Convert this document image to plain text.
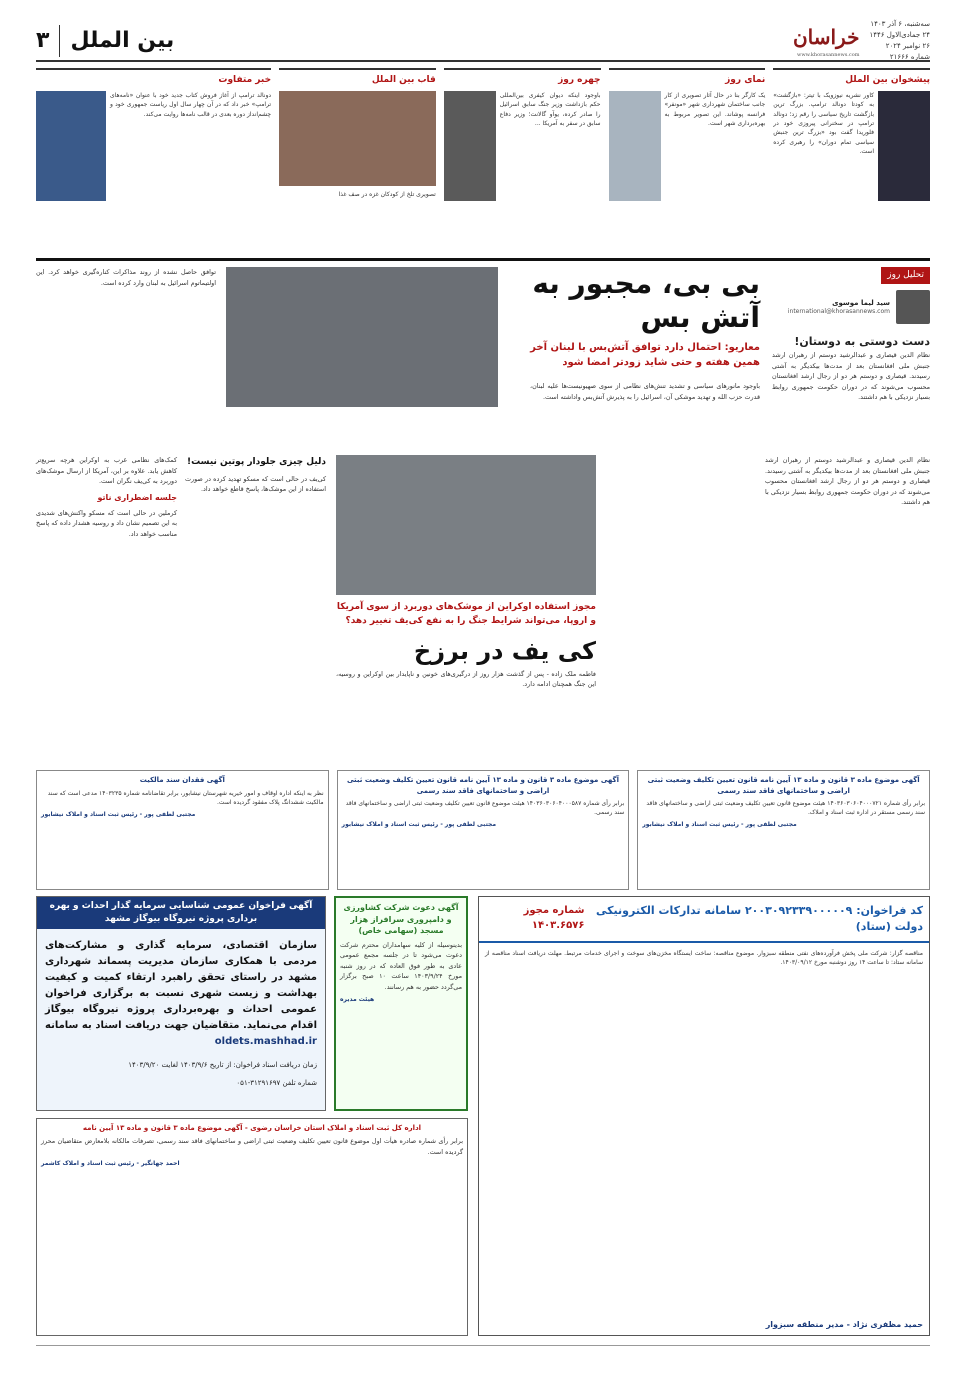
سه‌شنبه، ۶ آذر ۱۴۰۳
۲۴ جمادی‌الاول ۱۴۴۶
۲۶ نوامبر ۲۰۲۴
شماره ۲۱۶۶۶
خراسان
www.khorasannews.com
بین الملل
۳
پیشخوان بین الملل
کاور نشریه نیوزویک با تیتر: «بازگشت» به کودتا دونالد ترامپ. بزرگ ترین بازگشت تاریخ سیاسی را رقم زد؛ دونالد ترامپ در سخنرانی پیروزی خود در فلوریدا گفت بود «بزرگ ترین جنبش سیاسی تمام دوران» را رهبری کرده است.
نمای روز
یک کارگر بنا در حال آثار تصویری از کار جانب ساختمان شهرداری شهر «مونفر» فرانسه پوشاند. این تصویر مربوط به بهره‌برداری شهر است.
چهره روز
باوجود اینکه دیوان کیفری بین‌المللی حکم بازداشت وزیر جنگ سابق اسرائیل را صادر کرده، یوآو گالانت؛ وزیر دفاع سابق در سفر به آمریکا ...
قاب بین الملل
تصویری تلخ از کودکان غزه در صف غذا
خبر متفاوت
دونالد ترامپ از آغاز فروش کتاب جدید خود با عنوان «نامه‌های ترامپ» خبر داد که در آن چهار سال اول ریاست جمهوری خود و چشم‌انداز دوره بعدی در قالب نامه‌ها روایت می‌کند.
تحلیل روز
سید لیما موسوی
international@khorasannews.com
دست دوستی به دوستان!
نظام الدین قیصاری و عبدالرشید دوستم از رهبران ارشد جنبش ملی افغانستان بعد از مدت‌ها بیکدیگر به آشتی رسیدند. قیصاری و دوستم هر دو از رجال ارشد افغانستان محسوب می‌شوند که در دوران حکومت جمهوری روابط بسیار نزدیکی با هم داشتند.
بی بی، مجبور به آتش بس
معاریو: احتمال دارد توافق آتش‌بس با لبنان آخر همین هفته و حتی شاید زودتر امضا شود
باوجود مانورهای سیاسی و تشدید تنش‌های نظامی از سوی صهیونیست‌ها علیه لبنان، قدرت حزب الله و تهدید موشکی آن، اسرائیل را به پذیرش آتش‌بس واداشته است.
توافق حاصل نشده از روند مذاکرات کناره‌گیری خواهد کرد. این اولتیماتوم اسرائیل به لبنان وارد کرده است.
دلیل چیزی جلودار پوتین نیست!
کی‌یف در حالی است که مسکو تهدید کرده در صورت استفاده از این موشک‌ها، پاسخ قاطع خواهد داد.
کمک‌های نظامی غرب به اوکراین هرچه سریع‌تر کاهش یابد. علاوه بر این، آمریکا از ارسال موشک‌های دوربرد به کی‌یف نگران است.
جلسه اضطراری ناتو
کرملین در حالی است که مسکو واکنش‌های شدیدی به این تصمیم نشان داد و روسیه هشدار داده که پاسخ مناسب خواهد داد.
مجوز استفاده اوکراین از موشک‌های دوربرد از سوی آمریکا و اروپا، می‌تواند شرایط جنگ را به نفع کی‌یف تغییر دهد؟
کی یف در برزخ
فاطمه ملک زاده - پس از گذشت هزار روز از درگیری‌های خونین و ناپایدار بین اوکراین و روسیه، این جنگ همچنان ادامه دارد.
نظام الدین قیصاری و عبدالرشید دوستم از رهبران ارشد جنبش ملی افغانستان بعد از مدت‌ها بیکدیگر به آشتی رسیدند. قیصاری و دوستم هر دو از رجال ارشد افغانستان محسوب می‌شوند که در دوران حکومت جمهوری روابط بسیار نزدیکی با هم داشتند.
آگهی موضوع ماده ۳ قانون و ماده ۱۳ آیین نامه قانون تعیین تکلیف وضعیت ثبتی اراضی و ساختمانهای فاقد سند رسمی
برابر رأی شماره ۱۴۰۳۶۰۳۰۶۰۴۰۰۰۷۲۱ هیئت موضوع قانون تعیین تکلیف وضعیت ثبتی اراضی و ساختمانهای فاقد سند رسمی مستقر در اداره ثبت اسناد و املاک.
مجتبی لطفی پور - رئیس ثبت اسناد و املاک نیشابور
آگهی موضوع ماده ۳ قانون و ماده ۱۳ آیین نامه قانون تعیین تکلیف وضعیت ثبتی اراضی و ساختمانهای فاقد سند رسمی
برابر رأی شماره ۱۴۰۳۶۰۳۰۶۰۴۰۰۰۵۸۷ هیئت موضوع قانون تعیین تکلیف وضعیت ثبتی اراضی و ساختمانهای فاقد سند رسمی.
مجتبی لطفی پور - رئیس ثبت اسناد و املاک نیشابور
آگهی فقدان سند مالکیت
نظر به اینکه اداره اوقاف و امور خیریه شهرستان نیشابور، برابر تقاضانامه شماره ۱۴۰۳۲۳۵ مدعی است که سند مالکیت ششدانگ پلاک مفقود گردیده است.
مجتبی لطفی پور - رئیس ثبت اسناد و املاک نیشابور
آگهی فراخوان عمومی شناسایی سرمایه گذار احداث و بهره برداری پروژه نیروگاه بیوگاز مشهد
سازمان اقتصادی، سرمایه گذاری و مشارکت‌های مردمی با همکاری سازمان مدیریت پسماند شهرداری مشهد در راستای تحقق راهبرد ارتقاء کمیت و کیفیت بهداشت و زیست شهری نسبت به برگزاری فراخوان عمومی احداث و بهره‌برداری پروژه نیروگاه بیوگاز اقدام می‌نماید. متقاضیان جهت دریافت اسناد به سامانه oldets.mashhad.ir
زمان دریافت اسناد فراخوان: از تاریخ ۱۴۰۳/۹/۶ لغایت ۱۴۰۳/۹/۲۰
شماره تلفن ۳۱۲۹۱۶۹۷-۰۵۱
آگهی دعوت شرکت کشاورزی و دامپروری سرافراز هزار مسجد (سهامی خاص)
بدینوسیله از کلیه سهامداران محترم شرکت دعوت می‌شود تا در جلسه مجمع عمومی عادی به طور فوق العاده که در روز شنبه مورخ ۱۴۰۳/۹/۲۴ ساعت ۱۰ صبح برگزار می‌گردد حضور به هم رسانند.
هیئت مدیره
کد فراخوان: ۲۰۰۳۰۹۲۳۳۹۰۰۰۰۰۹ سامانه تدارکات الکترونیکی دولت (ستاد)
شماره مجوز ۱۴۰۳.۶۵۷۶
مناقصه گزار: شرکت ملی پخش فرآورده‌های نفتی منطقه سبزوار. موضوع مناقصه: ساخت ایستگاه مخزن‌های سوخت و اجرای خدمات مرتبط. مهلت دریافت اسناد مناقصه از سامانه ستاد: تا ساعت ۱۴ روز دوشنبه مورخ ۱۴۰۳/۰۹/۱۲.
حمید مظفری نژاد - مدیر منطقه سبزوار
اداره کل ثبت اسناد و املاک استان خراسان رضوی - آگهی موضوع ماده ۳ قانون و ماده ۱۳ آیین نامه
برابر رأی شماره صادره هیأت اول موضوع قانون تعیین تکلیف وضعیت ثبتی اراضی و ساختمانهای فاقد سند رسمی، تصرفات مالکانه بلامعارض متقاضیان محرز گردیده است.
احمد جهانگیر - رئیس ثبت اسناد و املاک کاشمر
